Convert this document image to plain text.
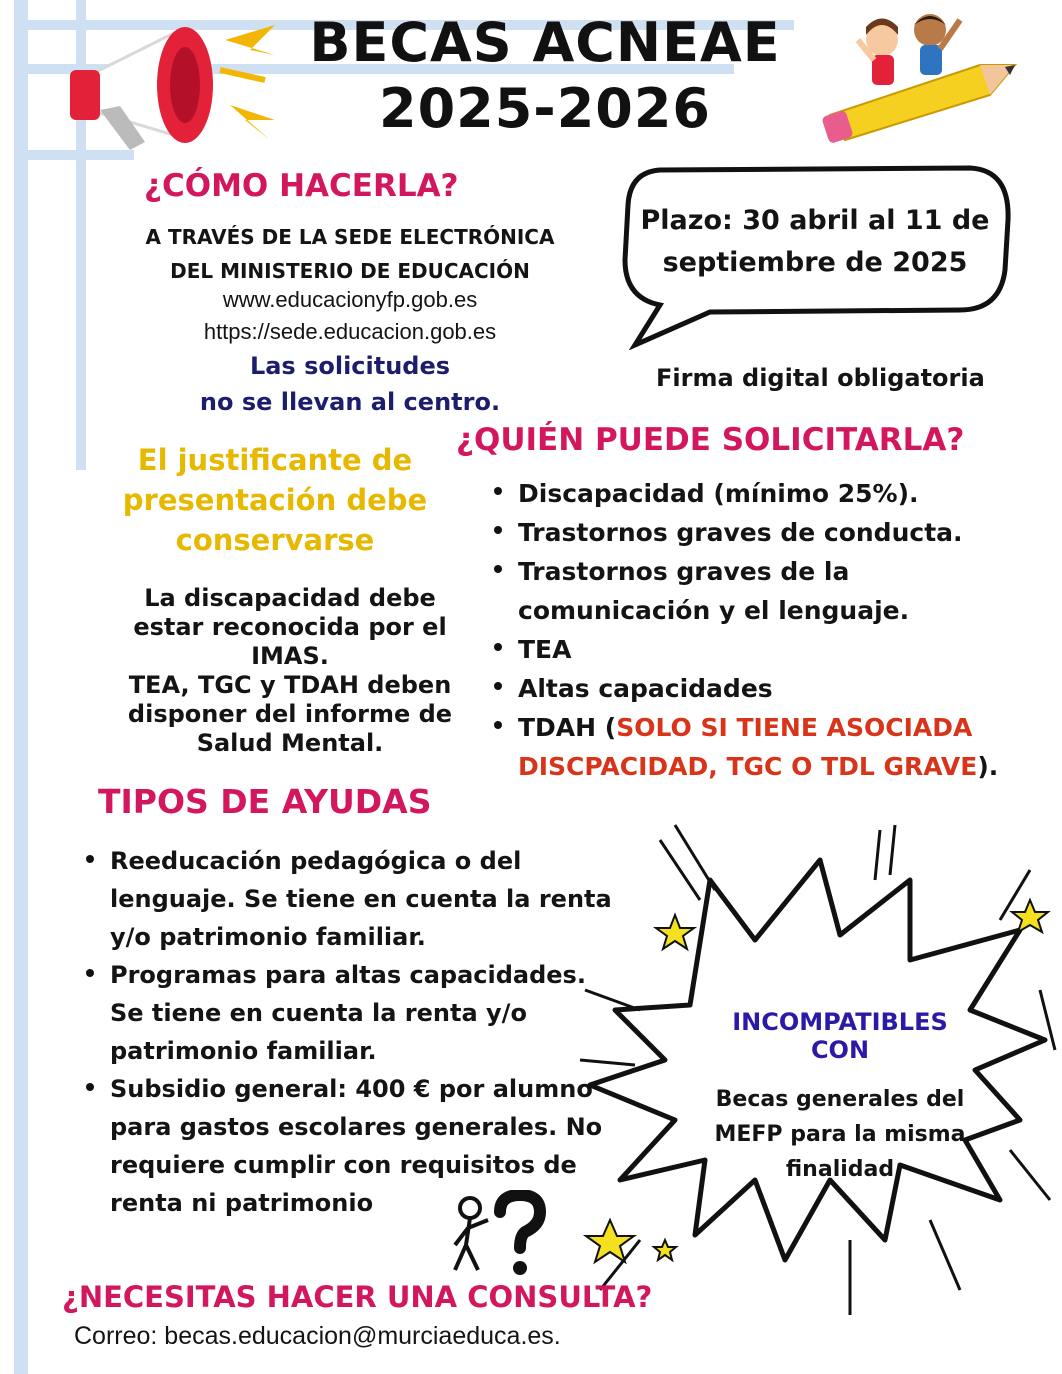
BECAS ACNEAE
2025-2026
¿CÓMO HACERLA?
A TRAVÉS DE LA SEDE ELECTRÓNICA
DEL MINISTERIO DE EDUCACIÓN
www.educacionyfp.gob.es
https://sede.educacion.gob.es
Las solicitudes
no se llevan al centro.
Plazo: 30 abril al 11 de
septiembre de 2025
Firma digital obligatoria
El justificante de
presentación debe
conservarse
La discapacidad debe
estar reconocida por el
IMAS.
TEA, TGC y TDAH deben
disponer del informe de
Salud Mental.
¿QUIÉN PUEDE SOLICITARLA?
Discapacidad (mínimo 25%).
Trastornos graves de conducta.
Trastornos graves de la
comunicación y el lenguaje.
TEA
Altas capacidades
TDAH (SOLO SI TIENE ASOCIADA
DISCPACIDAD, TGC O TDL GRAVE).
TIPOS DE AYUDAS
Reeducación pedagógica o del
lenguaje. Se tiene en cuenta la renta
y/o patrimonio familiar.
Programas para altas capacidades.
Se tiene en cuenta la renta y/o
patrimonio familiar.
Subsidio general: 400 € por alumno
para gastos escolares generales. No
requiere cumplir con requisitos de
renta ni patrimonio
INCOMPATIBLES
CON
Becas generales del
MEFP para la misma
finalidad
¿NECESITAS HACER UNA CONSULTA?
Correo: becas.educacion@murciaeduca.es.
